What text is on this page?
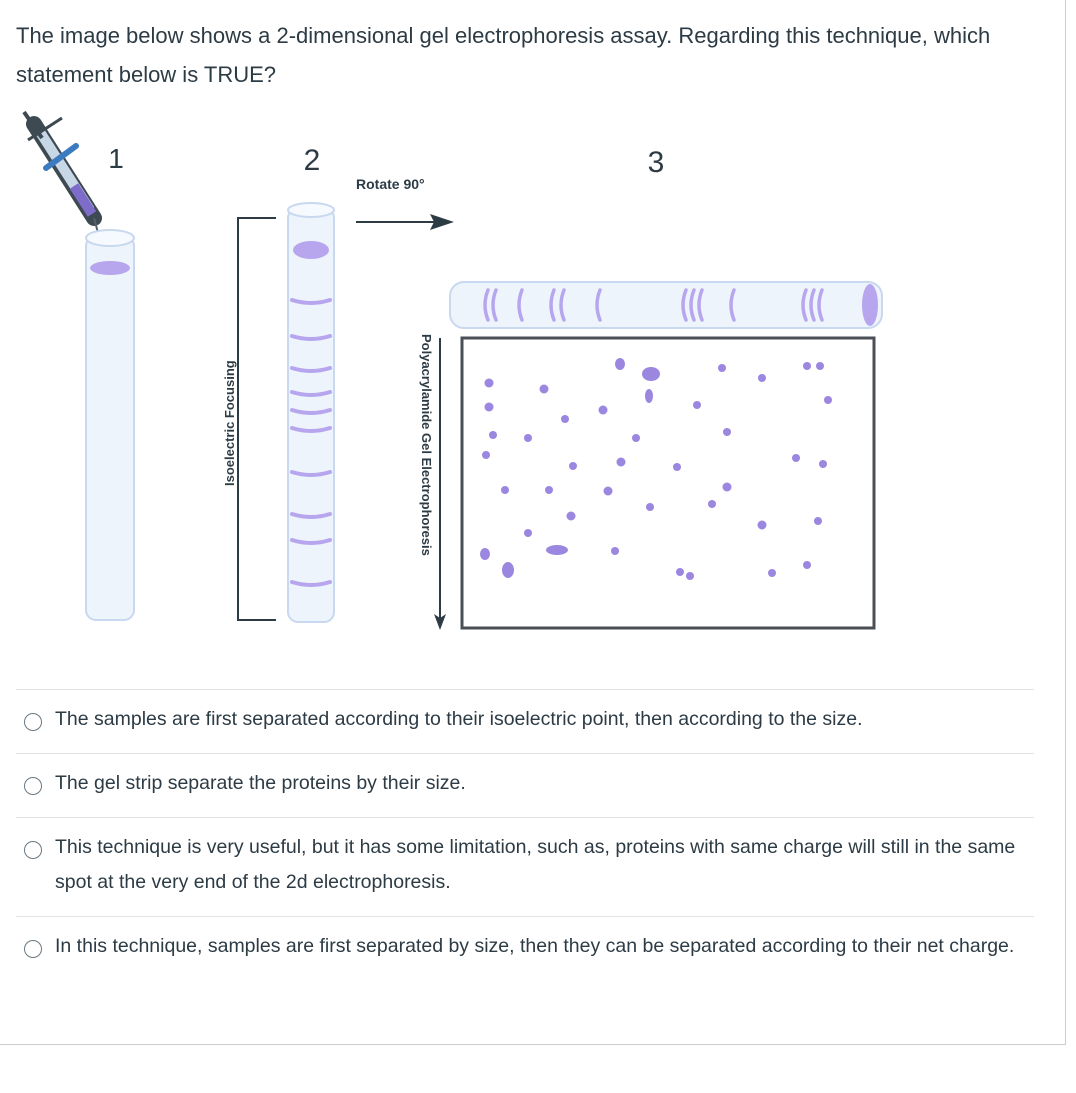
The image below shows a 2-dimensional gel electrophoresis assay. Regarding this technique, which statement below is TRUE?

1
Isoelectric Focusing
2
Rotate 90°
3
Polyacrylamide Gel Electrophoresis
The samples are first separated according to their isoelectric point, then according to the size.
The gel strip separate the proteins by their size.
This technique is very useful, but it has some limitation, such as, proteins with same charge will still in the same spot at the very end of the 2d electrophoresis.
In this technique, samples are first separated by size, then they can be separated according to their net charge.
